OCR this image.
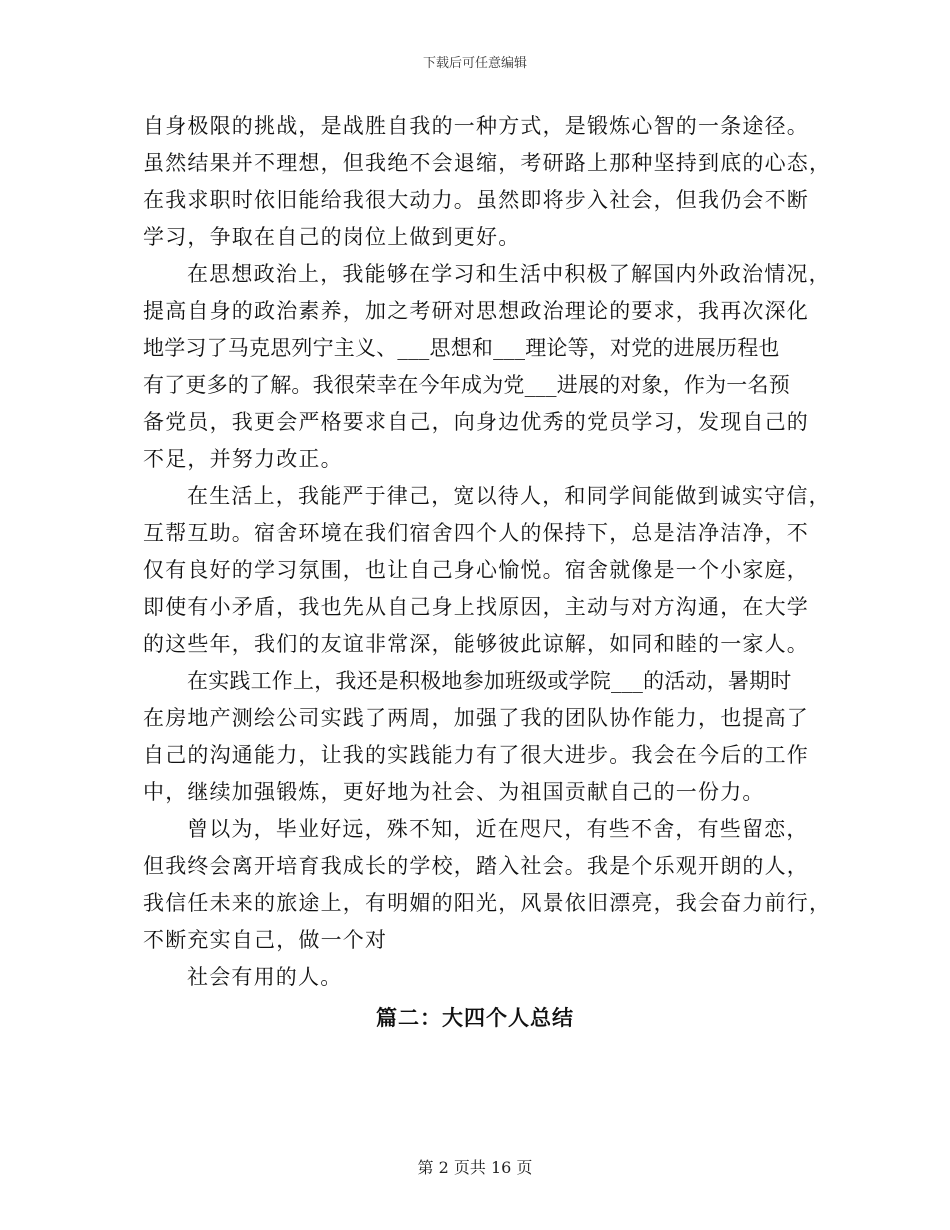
下载后可任意编辑
自身极限的挑战，是战胜自我的一种方式，是锻炼心智的一条途径。
虽然结果并不理想，但我绝不会退缩，考研路上那种坚持到底的心态，
在我求职时依旧能给我很大动力。虽然即将步入社会，但我仍会不断
学习，争取在自己的岗位上做到更好。
在思想政治上，我能够在学习和生活中积极了解国内外政治情况，
提高自身的政治素养，加之考研对思想政治理论的要求，我再次深化
地学习了马克思列宁主义、___思想和___理论等，对党的进展历程也
有了更多的了解。我很荣幸在今年成为党___进展的对象，作为一名预
备党员，我更会严格要求自己，向身边优秀的党员学习，发现自己的
不足，并努力改正。
在生活上，我能严于律己，宽以待人，和同学间能做到诚实守信，
互帮互助。宿舍环境在我们宿舍四个人的保持下，总是洁净洁净，不
仅有良好的学习氛围，也让自己身心愉悦。宿舍就像是一个小家庭，
即使有小矛盾，我也先从自己身上找原因，主动与对方沟通，在大学
的这些年，我们的友谊非常深，能够彼此谅解，如同和睦的一家人。
在实践工作上，我还是积极地参加班级或学院___的活动，暑期时
在房地产测绘公司实践了两周，加强了我的团队协作能力，也提高了
自己的沟通能力，让我的实践能力有了很大进步。我会在今后的工作
中，继续加强锻炼，更好地为社会、为祖国贡献自己的一份力。
曾以为，毕业好远，殊不知，近在咫尺，有些不舍，有些留恋，
但我终会离开培育我成长的学校，踏入社会。我是个乐观开朗的人，
我信任未来的旅途上，有明媚的阳光，风景依旧漂亮，我会奋力前行，
不断充实自己，做一个对
社会有用的人。
篇二：大四个人总结
第 2 页共 16 页
